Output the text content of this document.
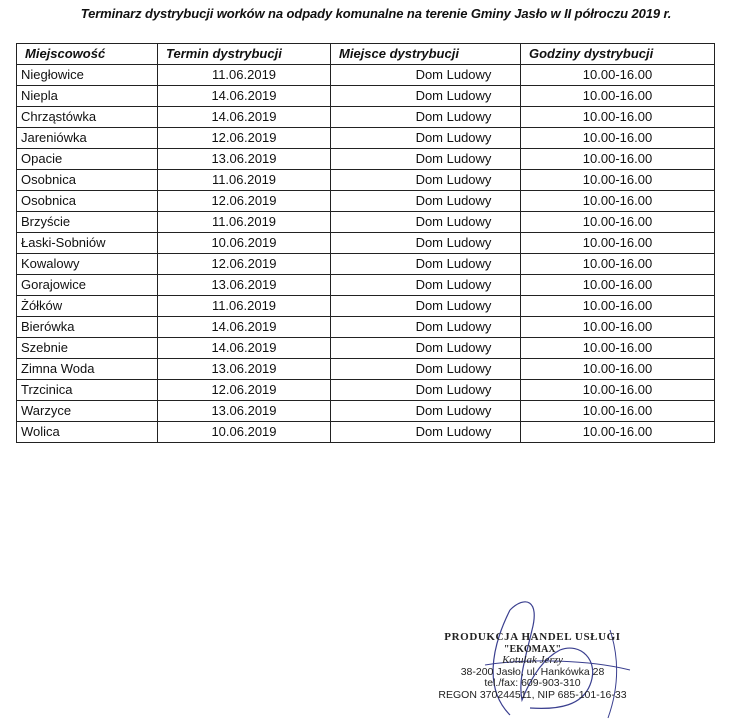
Terminarz dystrybucji worków na odpady komunalne na terenie Gminy Jasło w II półroczu 2019 r.
Miejscowość	Termin dystrybucji	Miejsce dystrybucji	Godziny dystrybucji
Niegłowice	11.06.2019	Dom Ludowy	10.00-16.00
Niepla	14.06.2019	Dom Ludowy	10.00-16.00
Chrząstówka	14.06.2019	Dom Ludowy	10.00-16.00
Jareniówka	12.06.2019	Dom Ludowy	10.00-16.00
Opacie	13.06.2019	Dom Ludowy	10.00-16.00
Osobnica	11.06.2019	Dom Ludowy	10.00-16.00
Osobnica	12.06.2019	Dom Ludowy	10.00-16.00
Brzyście	11.06.2019	Dom Ludowy	10.00-16.00
Łaski-Sobniów	10.06.2019	Dom Ludowy	10.00-16.00
Kowalowy	12.06.2019	Dom Ludowy	10.00-16.00
Gorajowice	13.06.2019	Dom Ludowy	10.00-16.00
Żółków	11.06.2019	Dom Ludowy	10.00-16.00
Bierówka	14.06.2019	Dom Ludowy	10.00-16.00
Szebnie	14.06.2019	Dom Ludowy	10.00-16.00
Zimna Woda	13.06.2019	Dom Ludowy	10.00-16.00
Trzcinica	12.06.2019	Dom Ludowy	10.00-16.00
Warzyce	13.06.2019	Dom Ludowy	10.00-16.00
Wolica	10.06.2019	Dom Ludowy	10.00-16.00
PRODUKCJA HANDEL USŁUGI
"EKOMAX"
Kotulak Jerzy
38-200 Jasło, ul. Hankówka 28
tel./fax: 609-903-310
REGON 370244511, NIP 685-101-16-33
